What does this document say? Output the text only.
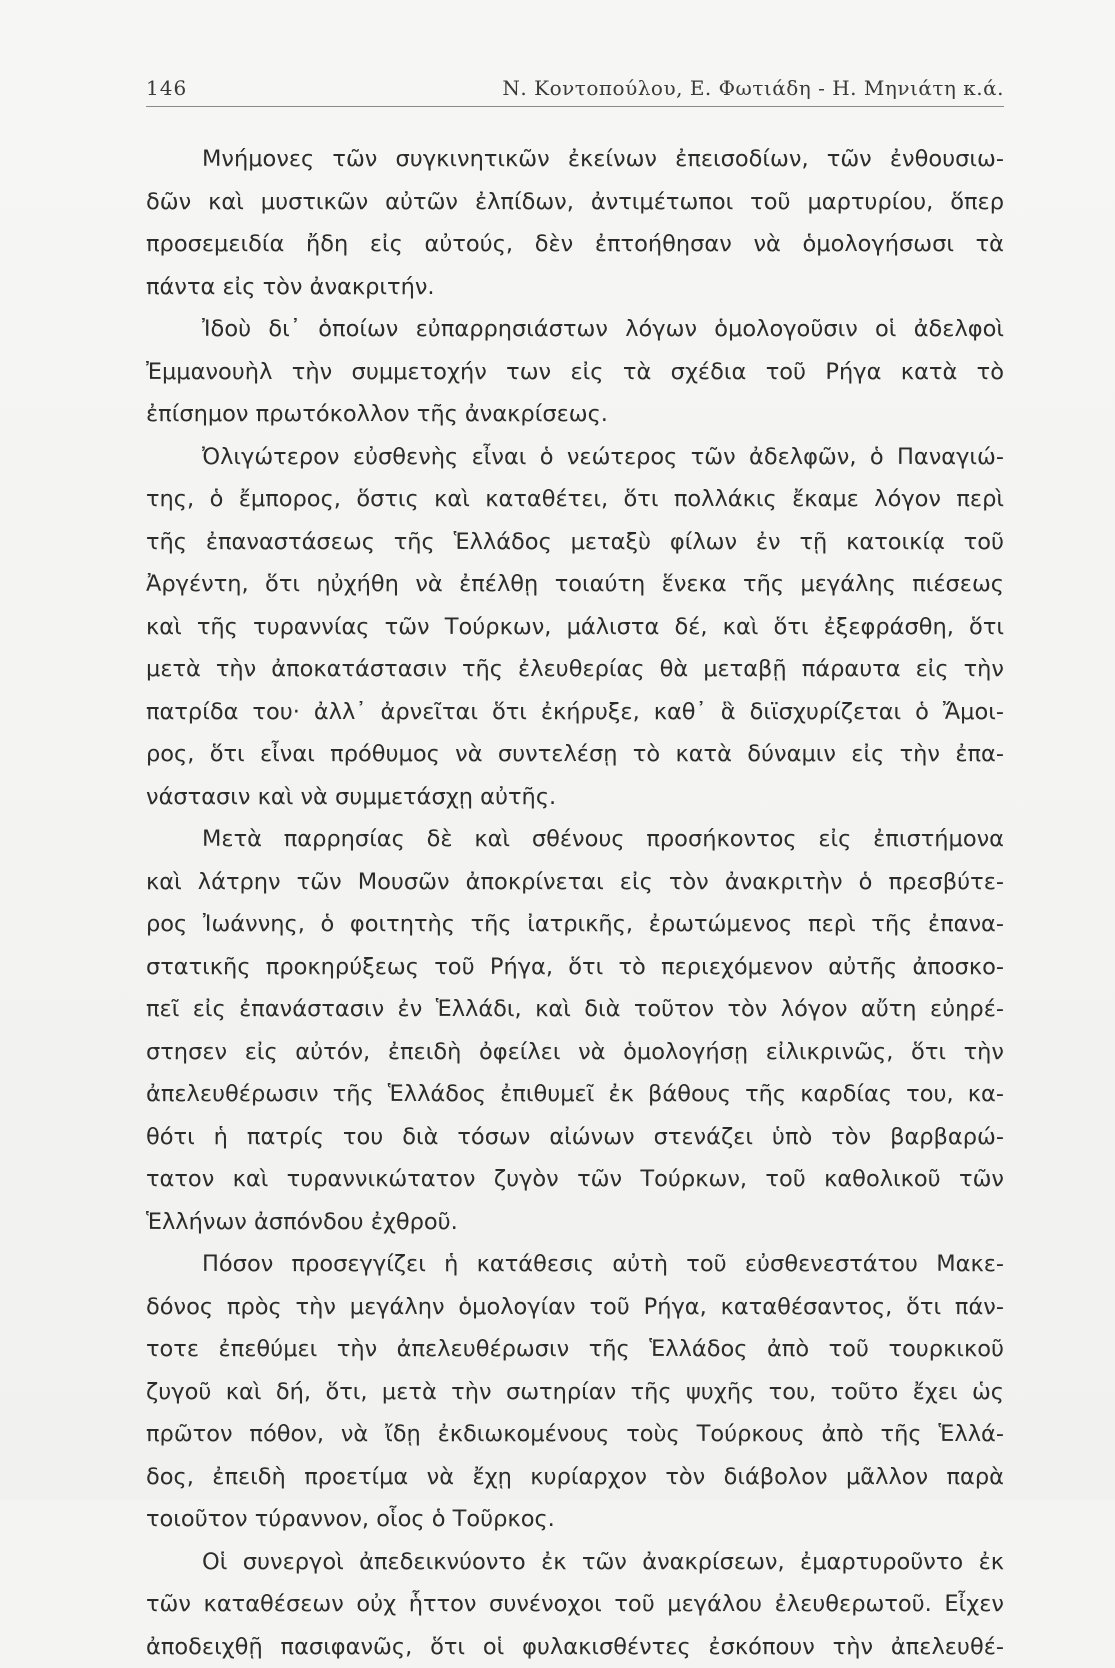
146	Ν. Κοντοπούλου, Ε. Φωτιάδη - Η. Μηνιάτη κ.ά.
Μνήμονες τῶν συγκινητικῶν ἐκείνων ἐπεισοδίων, τῶν ἐνθουσιω-
δῶν καὶ μυστικῶν αὐτῶν ἐλπίδων, ἀντιμέτωποι τοῦ μαρτυρίου, ὅπερ
προσεμειδία ἤδη εἰς αὐτούς, δὲν ἐπτοήθησαν νὰ ὁμολογήσωσι τὰ
πάντα εἰς τὸν ἀνακριτήν.
Ἰδοὺ δι᾽ ὁποίων εὐπαρρησιάστων λόγων ὁμολογοῦσιν οἱ ἀδελφοὶ
Ἐμμανουὴλ τὴν συμμετοχήν των εἰς τὰ σχέδια τοῦ Ρήγα κατὰ τὸ
ἐπίσημον πρωτόκολλον τῆς ἀνακρίσεως.
Ὀλιγώτερον εὐσθενὴς εἶναι ὁ νεώτερος τῶν ἀδελφῶν, ὁ Παναγιώ-
της, ὁ ἔμπορος, ὅστις καὶ καταθέτει, ὅτι πολλάκις ἔκαμε λόγον περὶ
τῆς ἐπαναστάσεως τῆς Ἑλλάδος μεταξὺ φίλων ἐν τῇ κατοικίᾳ τοῦ
Ἀργέντη, ὅτι ηὐχήθη νὰ ἐπέλθῃ τοιαύτη ἕνεκα τῆς μεγάλης πιέσεως
καὶ τῆς τυραννίας τῶν Τούρκων, μάλιστα δέ, καὶ ὅτι ἐξεφράσθη, ὅτι
μετὰ τὴν ἀποκατάστασιν τῆς ἐλευθερίας θὰ μεταβῇ πάραυτα εἰς τὴν
πατρίδα του· ἀλλ᾽ ἀρνεῖται ὅτι ἐκήρυξε, καθ᾽ ἃ διϊσχυρίζεται ὁ Ἄμοι-
ρος, ὅτι εἶναι πρόθυμος νὰ συντελέσῃ τὸ κατὰ δύναμιν εἰς τὴν ἐπα-
νάστασιν καὶ νὰ συμμετάσχῃ αὐτῆς.
Μετὰ παρρησίας δὲ καὶ σθένους προσήκοντος εἰς ἐπιστήμονα
καὶ λάτρην τῶν Μουσῶν ἀποκρίνεται εἰς τὸν ἀνακριτὴν ὁ πρεσβύτε-
ρος Ἰωάννης, ὁ φοιτητὴς τῆς ἰατρικῆς, ἐρωτώμενος περὶ τῆς ἐπανα-
στατικῆς προκηρύξεως τοῦ Ρήγα, ὅτι τὸ περιεχόμενον αὐτῆς ἀποσκο-
πεῖ εἰς ἐπανάστασιν ἐν Ἑλλάδι, καὶ διὰ τοῦτον τὸν λόγον αὔτη εὐηρέ-
στησεν εἰς αὐτόν, ἐπειδὴ ὀφείλει νὰ ὁμολογήσῃ εἰλικρινῶς, ὅτι τὴν
ἀπελευθέρωσιν τῆς Ἑλλάδος ἐπιθυμεῖ ἐκ βάθους τῆς καρδίας του, κα-
θότι ἡ πατρίς του διὰ τόσων αἰώνων στενάζει ὑπὸ τὸν βαρβαρώ-
τατον καὶ τυραννικώτατον ζυγὸν τῶν Τούρκων, τοῦ καθολικοῦ τῶν
Ἑλλήνων ἀσπόνδου ἐχθροῦ.
Πόσον προσεγγίζει ἡ κατάθεσις αὐτὴ τοῦ εὐσθενεστάτου Μακε-
δόνος πρὸς τὴν μεγάλην ὁμολογίαν τοῦ Ρήγα, καταθέσαντος, ὅτι πάν-
τοτε ἐπεθύμει τὴν ἀπελευθέρωσιν τῆς Ἑλλάδος ἀπὸ τοῦ τουρκικοῦ
ζυγοῦ καὶ δή, ὅτι, μετὰ τὴν σωτηρίαν τῆς ψυχῆς του, τοῦτο ἔχει ὡς
πρῶτον πόθον, νὰ ἴδῃ ἐκδιωκομένους τοὺς Τούρκους ἀπὸ τῆς Ἑλλά-
δος, ἐπειδὴ προετίμα νὰ ἔχῃ κυρίαρχον τὸν διάβολον μᾶλλον παρὰ
τοιοῦτον τύραννον, οἷος ὁ Τοῦρκος.
Οἱ συνεργοὶ ἀπεδεικνύοντο ἐκ τῶν ἀνακρίσεων, ἐμαρτυροῦντο ἐκ
τῶν καταθέσεων οὐχ ἧττον συνένοχοι τοῦ μεγάλου ἐλευθερωτοῦ. Εἶχεν
ἀποδειχθῇ πασιφανῶς, ὅτι οἱ φυλακισθέντες ἐσκόπουν τὴν ἀπελευθέ-
